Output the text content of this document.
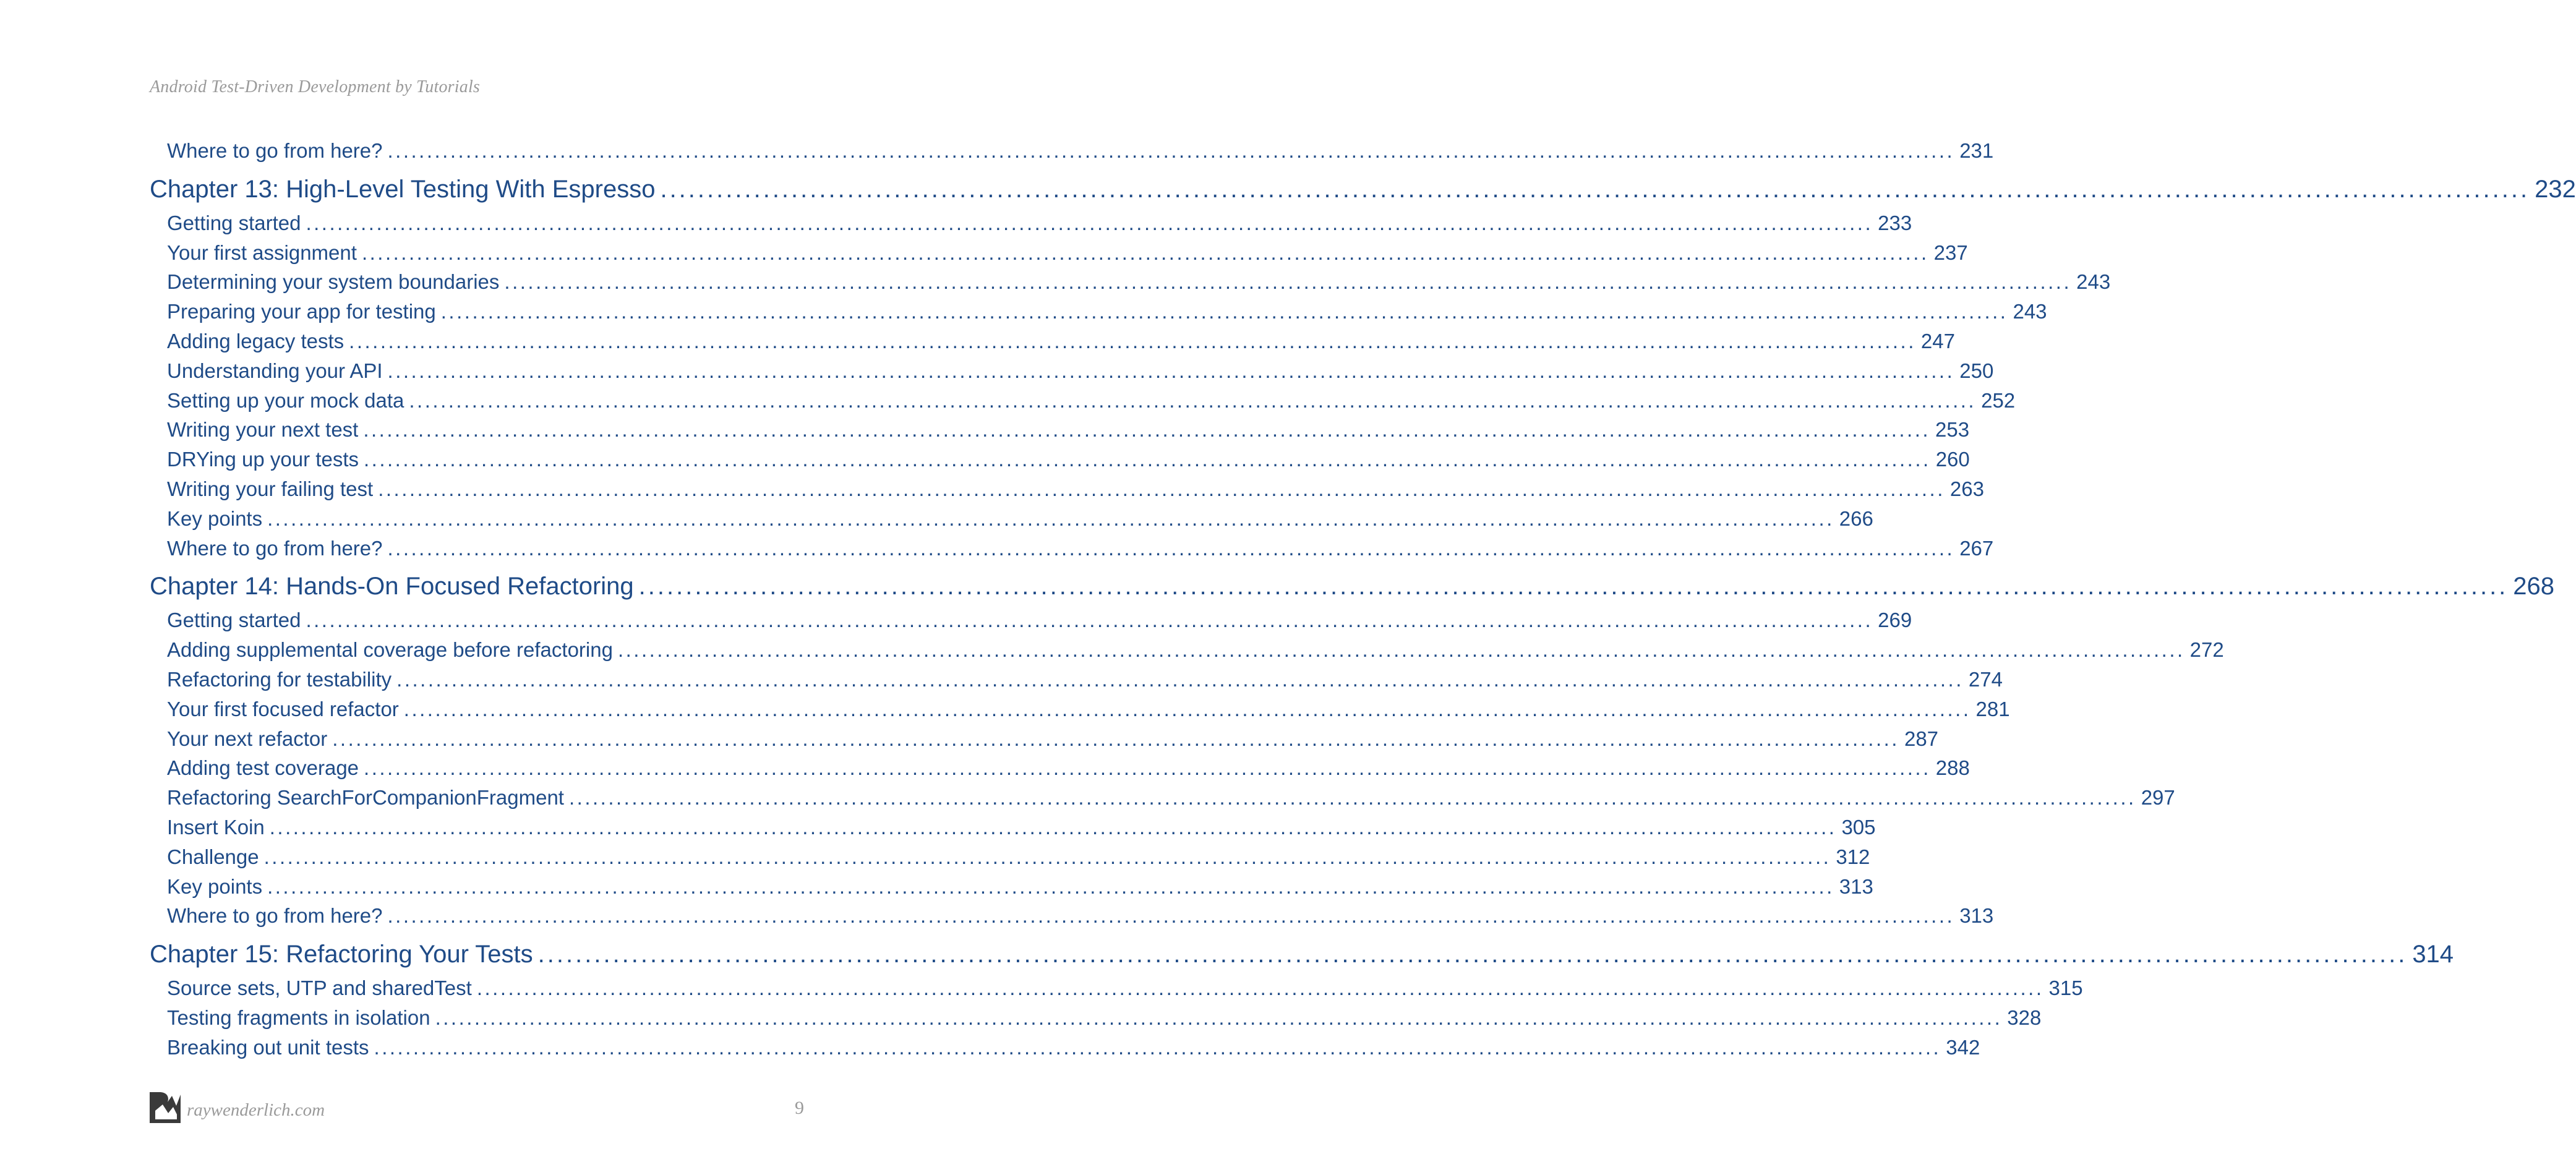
Android Test-Driven Development by Tutorials
Where to go from here? ........................................................................................................................................................................................................ 231
Chapter 13: High-Level Testing With Espresso ........................................................................................................................................................................................................ 232
Getting started ........................................................................................................................................................................................................ 233
Your first assignment ........................................................................................................................................................................................................ 237
Determining your system boundaries ........................................................................................................................................................................................................ 243
Preparing your app for testing ........................................................................................................................................................................................................ 243
Adding legacy tests ........................................................................................................................................................................................................ 247
Understanding your API ........................................................................................................................................................................................................ 250
Setting up your mock data ........................................................................................................................................................................................................ 252
Writing your next test ........................................................................................................................................................................................................ 253
DRYing up your tests ........................................................................................................................................................................................................ 260
Writing your failing test ........................................................................................................................................................................................................ 263
Key points ........................................................................................................................................................................................................ 266
Where to go from here? ........................................................................................................................................................................................................ 267
Chapter 14: Hands-On Focused Refactoring ........................................................................................................................................................................................................ 268
Getting started ........................................................................................................................................................................................................ 269
Adding supplemental coverage before refactoring ........................................................................................................................................................................................................ 272
Refactoring for testability ........................................................................................................................................................................................................ 274
Your first focused refactor ........................................................................................................................................................................................................ 281
Your next refactor ........................................................................................................................................................................................................ 287
Adding test coverage ........................................................................................................................................................................................................ 288
Refactoring SearchForCompanionFragment ........................................................................................................................................................................................................ 297
Insert Koin ........................................................................................................................................................................................................ 305
Challenge ........................................................................................................................................................................................................ 312
Key points ........................................................................................................................................................................................................ 313
Where to go from here? ........................................................................................................................................................................................................ 313
Chapter 15: Refactoring Your Tests ........................................................................................................................................................................................................ 314
Source sets, UTP and sharedTest ........................................................................................................................................................................................................ 315
Testing fragments in isolation ........................................................................................................................................................................................................ 328
Breaking out unit tests ........................................................................................................................................................................................................ 342
raywenderlich.com	9
